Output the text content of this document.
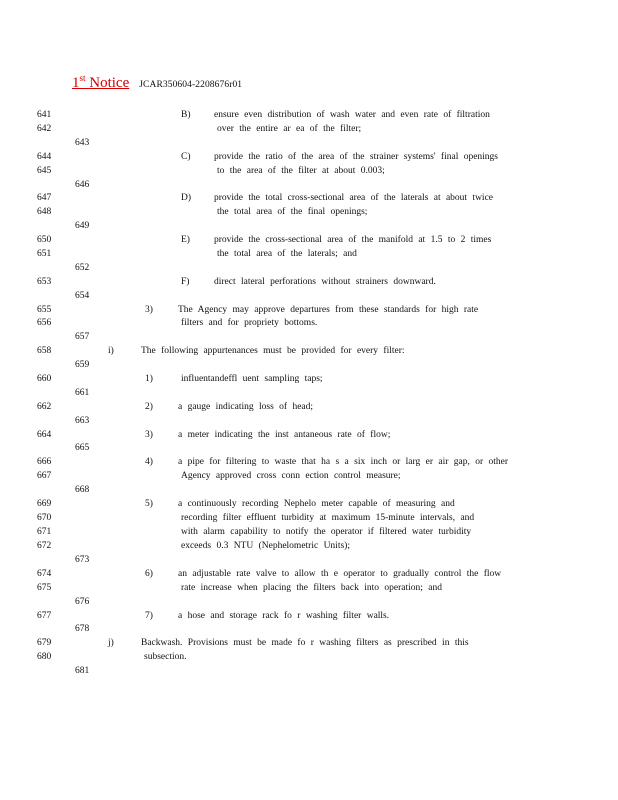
1st Notice JCAR350604-2208676r01
641	B) ensure even distribution of wash water and even rate of filtration
642	over the entire ar ea of the filter;
643
644	C) provide the ratio of the area of the strainer systems' final openings
645	to the area of the filter at about 0.003;
646
647	D) provide the total cross-sectional area of the laterals at about twice
648	the total area of the final openings;
649
650	E)	provide the cross-sectional area of the manifold at 1.5 to 2 times
651	the total area of the laterals; and
652
653	F)	direct lateral perforations without strainers downward.
654
655	3)	The Agency may approve departures from these standards for high rate
656	filters and for propriety bottoms.
657
658	i)	The following appurtenances must be provided for every filter:
659
660	1)	influentandeffl uent sampling taps;
661
662	2)	a gauge indicating loss of head;
663
664	3)	a meter indicating the inst antaneous rate of flow;
665
666	4)	a pipe for filtering to waste that ha s a six inch or larg er air gap, or other
667	Agency approved cross conn ection control measure;
668
669	5)	a continuously recording Nephelo meter capable of measuring and
670	recording filter effluent turbidity at maximum 15-minute intervals, and
671	with alarm capability to notify the operator if filtered water turbidity
672	exceeds 0.3 NTU (Nephelometric Units);
673
674	6)	an adjustable rate valve to allow th e operator to gradually control the flow
675	rate increase when placing the filters back into operation; and
676
677	7)	a hose and storage rack fo r washing filter walls.
678
679	j)	Backwash. Provisions must be made fo r washing filters as prescribed in this
680	subsection.
681
